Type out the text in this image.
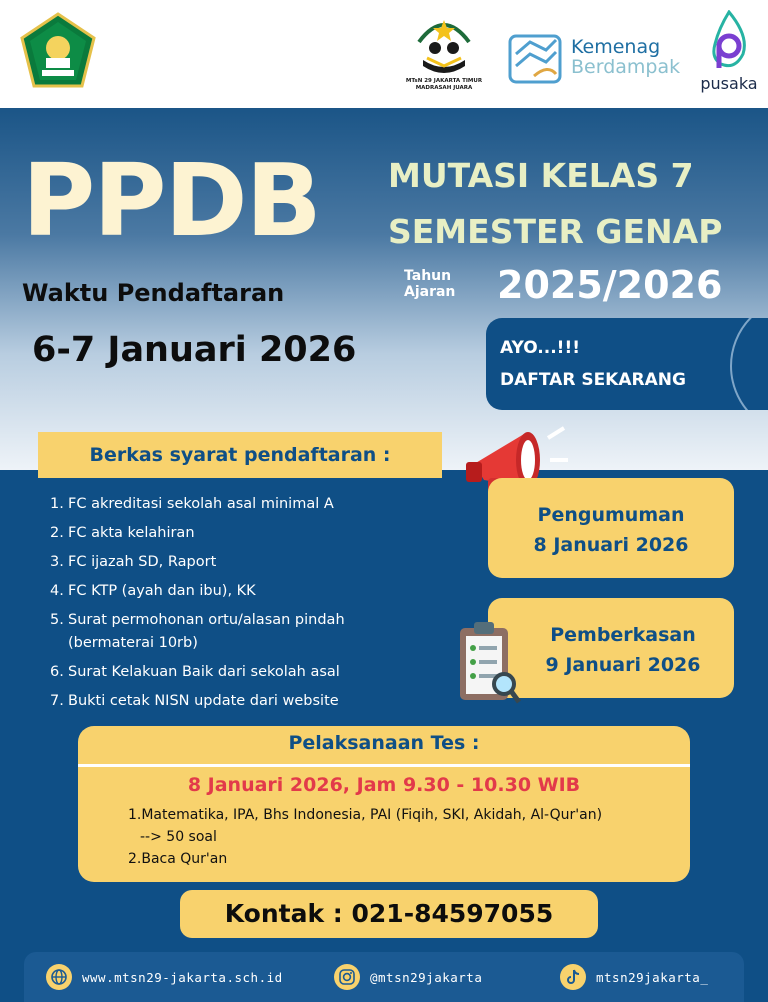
MTsN 29 JAKARTA TIMUR
MADRASAH JUARA
Kemenag
Berdampak
pusaka
PPDB MUTASI KELAS 7
SEMESTER GENAP
Tahun
Ajaran 2025/2026
Waktu Pendaftaran
6-7 Januari 2026	AYO...!!!
DAFTAR SEKARANG
Berkas syarat pendaftaran :
1. FC akreditasi sekolah asal minimal A
2. FC akta kelahiran
3. FC ijazah SD, Raport
4. FC KTP (ayah dan ibu), KK
5. Surat permohonan ortu/alasan pindah
(bermaterai 10rb)
6. Surat Kelakuan Baik dari sekolah asal
7. Bukti cetak NISN update dari website
Pengumuman
8 Januari 2026
Pemberkasan
9 Januari 2026
Pelaksanaan Tes :
8 Januari 2026, Jam 9.30 - 10.30 WIB
1.Matematika, IPA, Bhs Indonesia, PAI (Fiqih, SKI, Akidah, Al-Qur'an)
--> 50 soal
2.Baca Qur'an
Kontak : 021-84597055
www.mtsn29-jakarta.sch.id	@mtsn29jakarta	mtsn29jakarta_
